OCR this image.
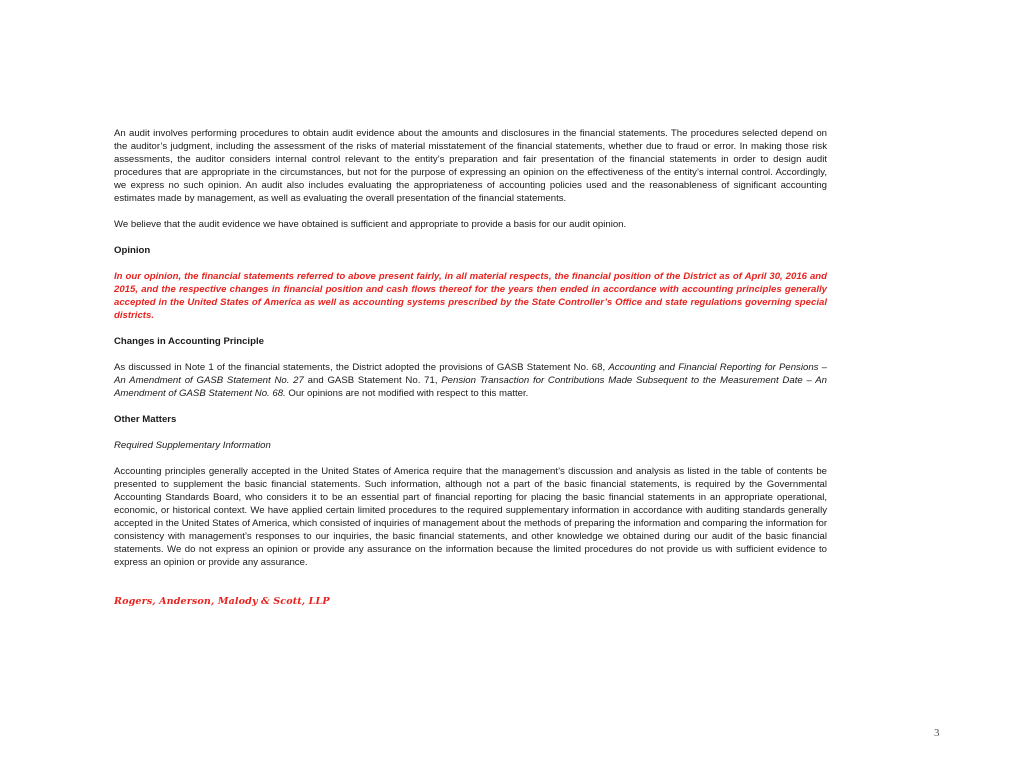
An audit involves performing procedures to obtain audit evidence about the amounts and disclosures in the financial statements. The procedures selected depend on the auditor’s judgment, including the assessment of the risks of material misstatement of the financial statements, whether due to fraud or error. In making those risk assessments, the auditor considers internal control relevant to the entity’s preparation and fair presentation of the financial statements in order to design audit procedures that are appropriate in the circumstances, but not for the purpose of expressing an opinion on the effectiveness of the entity’s internal control. Accordingly, we express no such opinion. An audit also includes evaluating the appropriateness of accounting policies used and the reasonableness of significant accounting estimates made by management, as well as evaluating the overall presentation of the financial statements.

We believe that the audit evidence we have obtained is sufficient and appropriate to provide a basis for our audit opinion.

Opinion

In our opinion, the financial statements referred to above present fairly, in all material respects, the financial position of the District as of April 30, 2016 and 2015, and the respective changes in financial position and cash flows thereof for the years then ended in accordance with accounting principles generally accepted in the United States of America as well as accounting systems prescribed by the State Controller’s Office and state regulations governing special districts.

Changes in Accounting Principle

As discussed in Note 1 of the financial statements, the District adopted the provisions of GASB Statement No. 68, Accounting and Financial Reporting for Pensions – An Amendment of GASB Statement No. 27 and GASB Statement No. 71, Pension Transaction for Contributions Made Subsequent to the Measurement Date – An Amendment of GASB Statement No. 68. Our opinions are not modified with respect to this matter.

Other Matters

Required Supplementary Information

Accounting principles generally accepted in the United States of America require that the management’s discussion and analysis as listed in the table of contents be presented to supplement the basic financial statements. Such information, although not a part of the basic financial statements, is required by the Governmental Accounting Standards Board, who considers it to be an essential part of financial reporting for placing the basic financial statements in an appropriate operational, economic, or historical context. We have applied certain limited procedures to the required supplementary information in accordance with auditing standards generally accepted in the United States of America, which consisted of inquiries of management about the methods of preparing the information and comparing the information for consistency with management’s responses to our inquiries, the basic financial statements, and other knowledge we obtained during our audit of the basic financial statements. We do not express an opinion or provide any assurance on the information because the limited procedures do not provide us with sufficient evidence to express an opinion or provide any assurance.

Rogers, Anderson, Malody & Scott, LLP

3
